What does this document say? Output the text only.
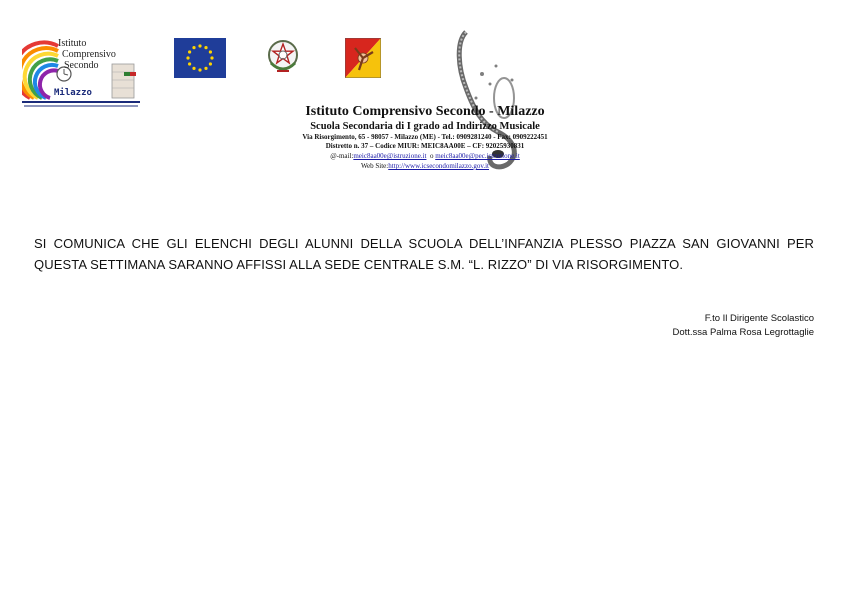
Istituto
Comprensivo
Secondo
Milazzo
Istituto Comprensivo Secondo - Milazzo
Scuola Secondaria di I grado ad Indirizzo Musicale
Via Risorgimento, 65 - 98057 - Milazzo (ME) - Tel.: 0909281240 - Fax: 0909222451
Distretto n. 37 – Codice MIUR: MEIC8AA00E – CF: 92025930831
@-mail:meic8aa00e@istruzione.it o meic8aa00e@pec.istruzione.it
Web Site:http://www.icsecondomilazzo.gov.it
SI COMUNICA CHE GLI ELENCHI DEGLI ALUNNI DELLA SCUOLA DELL’INFANZIA PLESSO PIAZZA SAN GIOVANNI PER QUESTA SETTIMANA SARANNO AFFISSI ALLA SEDE CENTRALE S.M. “L. RIZZO” DI VIA RISORGIMENTO.
F.to Il Dirigente Scolastico
Dott.ssa Palma Rosa Legrottaglie
